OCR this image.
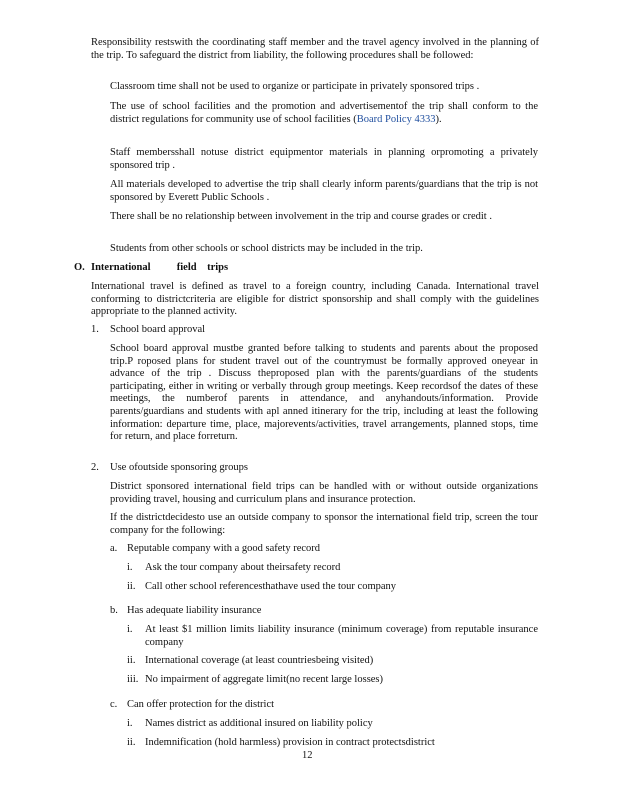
Responsibility restswith the coordinating staff member and the travel agency involved in the planning of the trip. To safeguard the district from liability, the following procedures shall be followed:

Classroom time shall not be used to organize or participate in privately sponsored trips .

The use of school facilities and the promotion and advertisementof the trip shall conform to the district regulations for community use of school facilities (Board Policy 4333).

Staff membersshall notuse district equipmentor materials in planning orpromoting a privately sponsored trip .

All materials developed to advertise the trip shall clearly inform parents/guardians that the trip is not sponsored by Everett Public Schools .

There shall be no relationship between involvement in the trip and course grades or credit .

Students from other schools or school districts may be included in the trip.

O. International          field    trips

International travel is defined as travel to a foreign country, including Canada. International travel conforming to districtcriteria are eligible for district sponsorship and shall comply with the guidelines appropriate to the planned activity.

1. School board approval

School board approval mustbe granted before talking to students and parents about the proposed trip.P roposed plans for student travel out of the countrymust be formally approved oneyear in advance of the trip . Discuss theproposed plan with the parents/guardians of the students participating, either in writing or verbally through group meetings. Keep recordsof the dates of these meetings, the numberof parents in attendance, and anyhandouts/information. Provide parents/guardians and students with apl anned itinerary for the trip, including at least the following information: departure time, place, majorevents/activities, travel arrangements, planned stops, time for return, and place forreturn.

2. Use ofoutside sponsoring groups

District sponsored international field trips can be handled with or without outside organizations providing travel, housing and curriculum plans and insurance protection.

If the districtdecidesto use an outside company to sponsor the international field trip, screen the tour company for the following:

a. Reputable company with a good safety record
i. Ask the tour company about theirsafety record
ii. Call other school referencesthathave used the tour company
b. Has adequate liability insurance
i. At least $1 million limits liability insurance (minimum coverage) from reputable insurance company

ii. International coverage (at least countriesbeing visited)
iii. No impairment of aggregate limit(no recent large losses)
c. Can offer protection for the district
i. Names district as additional insured on liability policy
ii. Indemnification (hold harmless) provision in contract protectsdistrict
12
